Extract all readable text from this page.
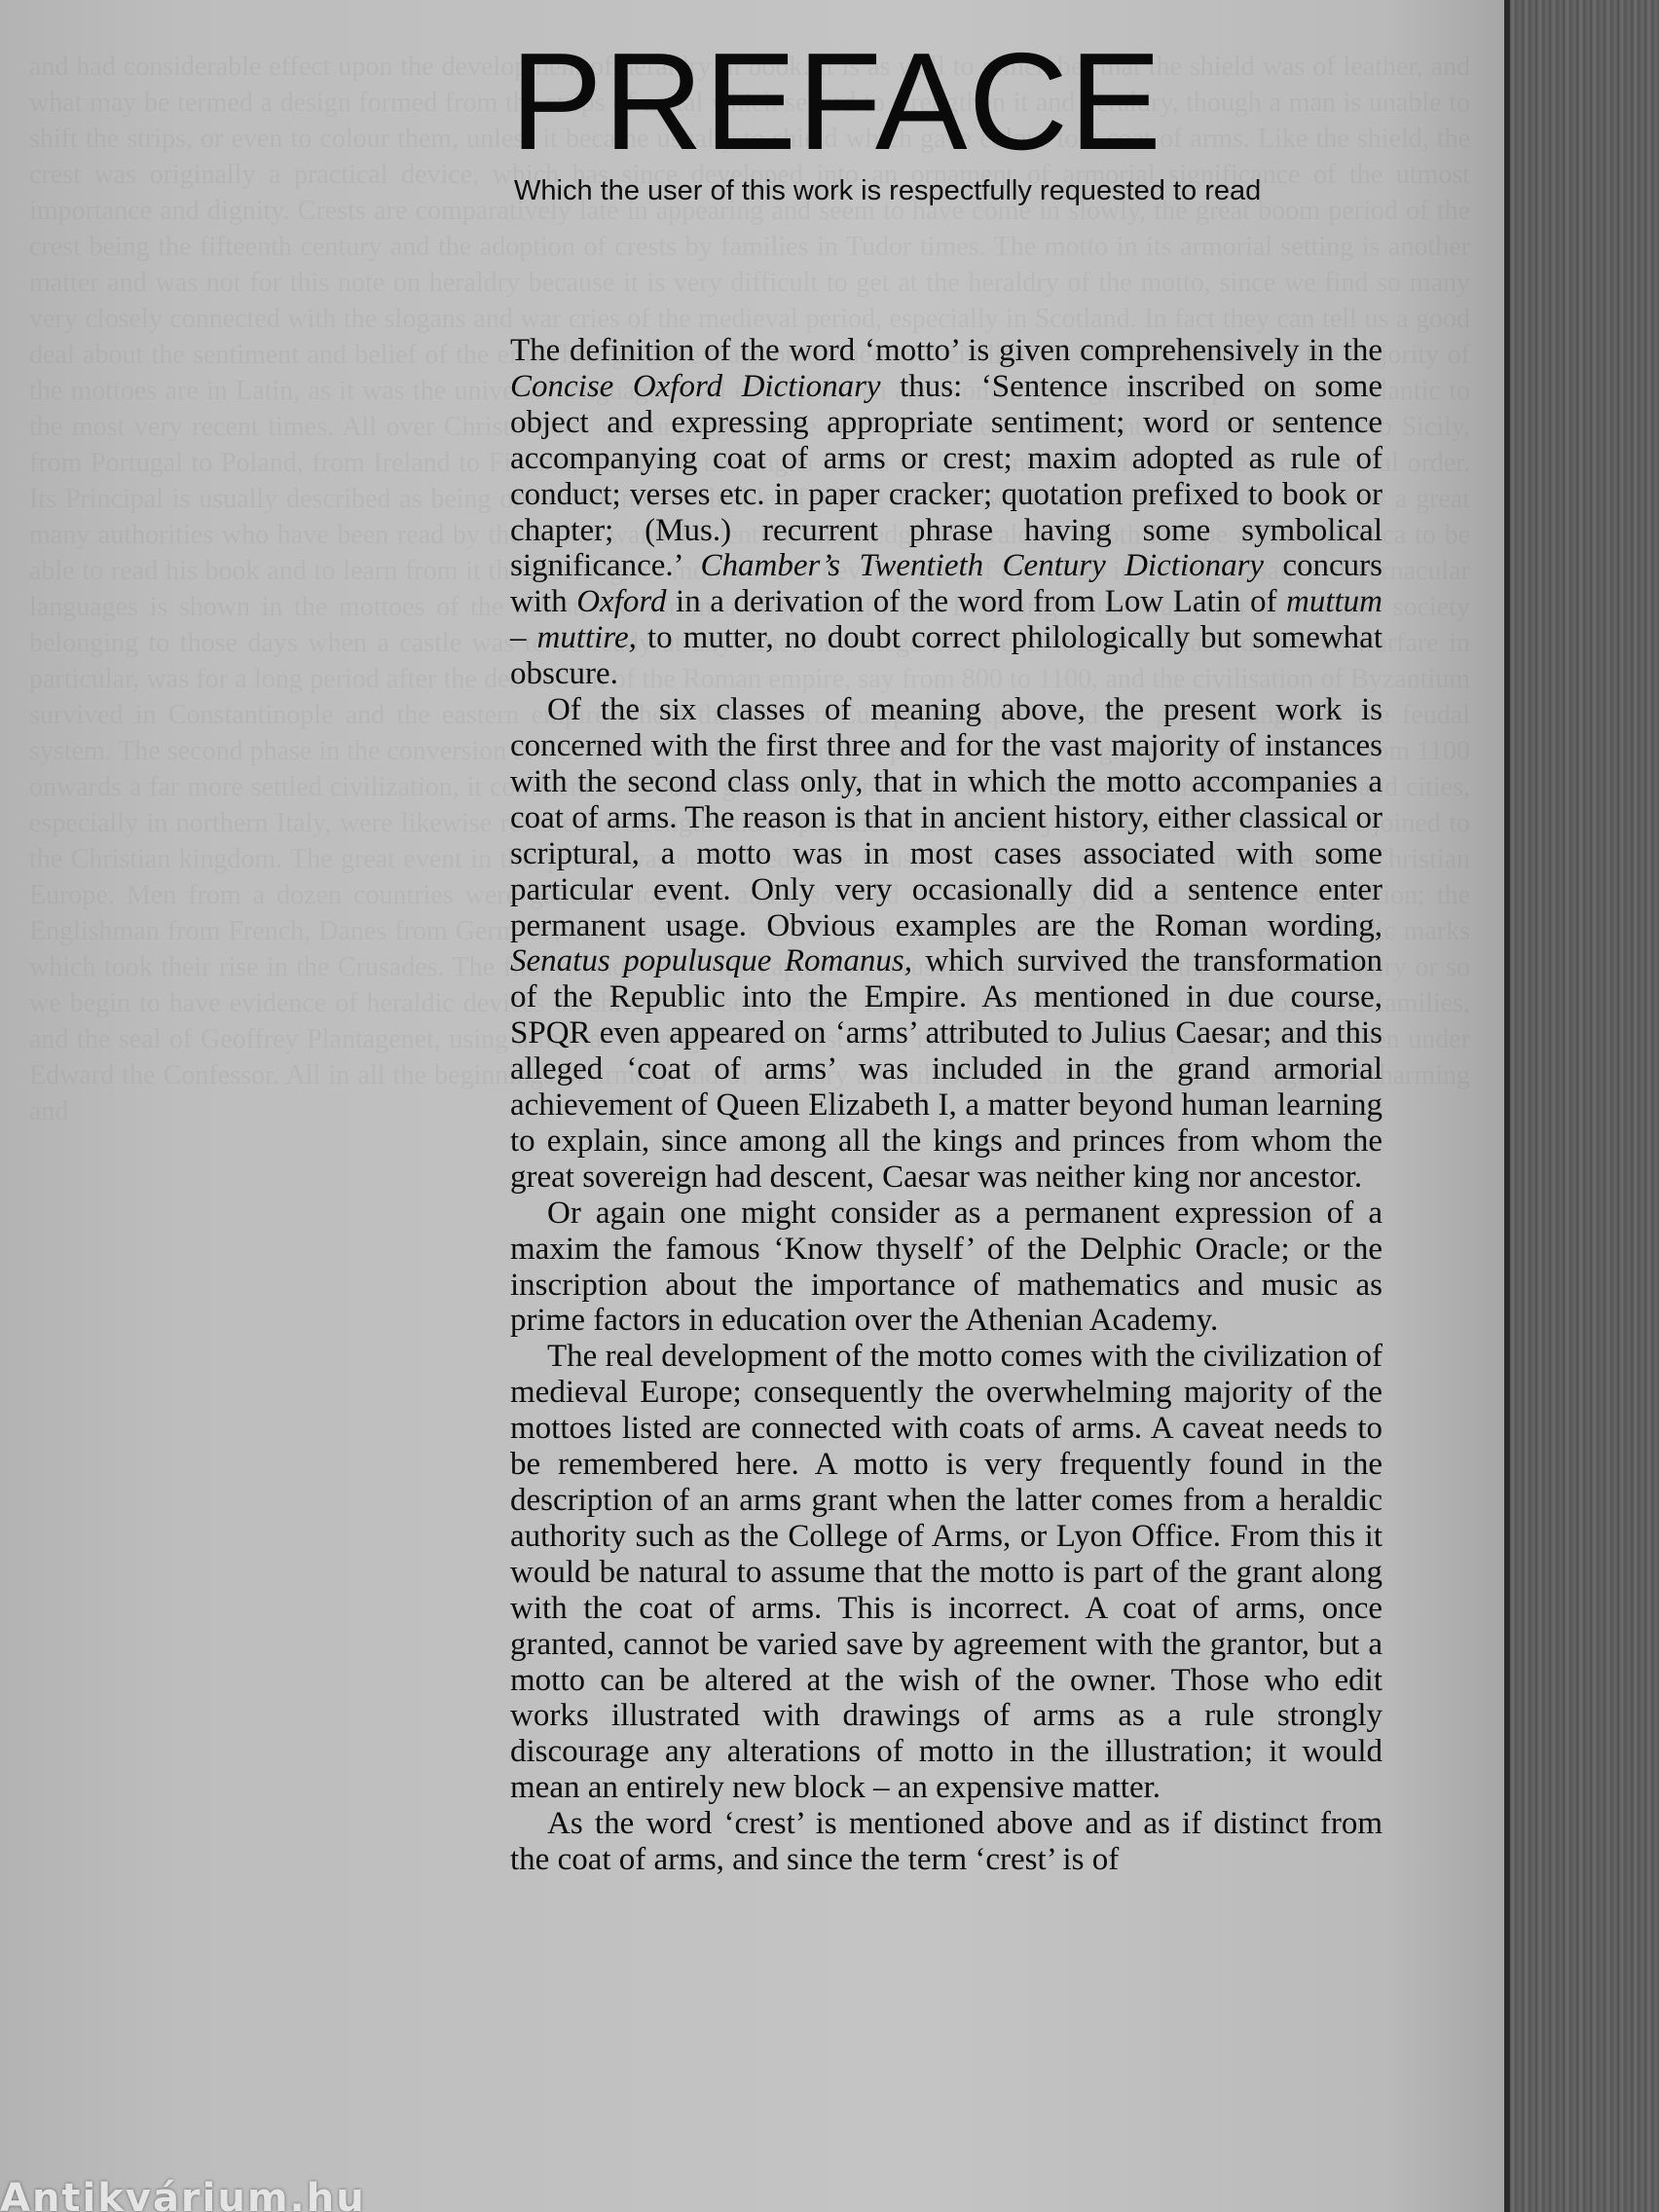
PREFACE
Which the user of this work is respectfully requested to read

The definition of the word ‘motto’ is given comprehensively in the Concise Oxford Dictionary thus: ‘Sentence inscribed on some object and expressing appropriate sentiment; word or sentence accompanying coat of arms or crest; maxim adopted as rule of conduct; verses etc. in paper cracker; quotation prefixed to book or chapter; (Mus.) recurrent phrase having some symbolical significance.’ Chamber’s Twentieth Century Dictionary concurs with Oxford in a derivation of the word from Low Latin of muttum – muttire, to mutter, no doubt correct philologically but somewhat obscure.

Of the six classes of meaning above, the present work is concerned with the first three and for the vast majority of instances with the second class only, that in which the motto accompanies a coat of arms. The reason is that in ancient history, either classical or scriptural, a motto was in most cases associated with some particular event. Only very occasionally did a sentence enter permanent usage. Obvious examples are the Roman wording, Senatus populusque Romanus, which survived the transformation of the Republic into the Empire. As mentioned in due course, SPQR even appeared on ‘arms’ attributed to Julius Caesar; and this alleged ‘coat of arms’ was included in the grand armorial achievement of Queen Elizabeth I, a matter beyond human learning to explain, since among all the kings and princes from whom the great sovereign had descent, Caesar was neither king nor ancestor.

Or again one might consider as a permanent expression of a maxim the famous ‘Know thyself’ of the Delphic Oracle; or the inscription about the importance of mathematics and music as prime factors in education over the Athenian Academy.

The real development of the motto comes with the civilization of medieval Europe; consequently the overwhelming majority of the mottoes listed are connected with coats of arms. A caveat needs to be remembered here. A motto is very frequently found in the description of an arms grant when the latter comes from a heraldic authority such as the College of Arms, or Lyon Office. From this it would be natural to assume that the motto is part of the grant along with the coat of arms. This is incorrect. A coat of arms, once granted, cannot be varied save by agreement with the grantor, but a motto can be altered at the wish of the owner. Those who edit works illustrated with drawings of arms as a rule strongly discourage any alterations of motto in the illustration; it would mean an entirely new block – an expensive matter.

As the word ‘crest’ is mentioned above and as if distinct from the coat of arms, and since the term ‘crest’ is of

Antikvárium.hu
